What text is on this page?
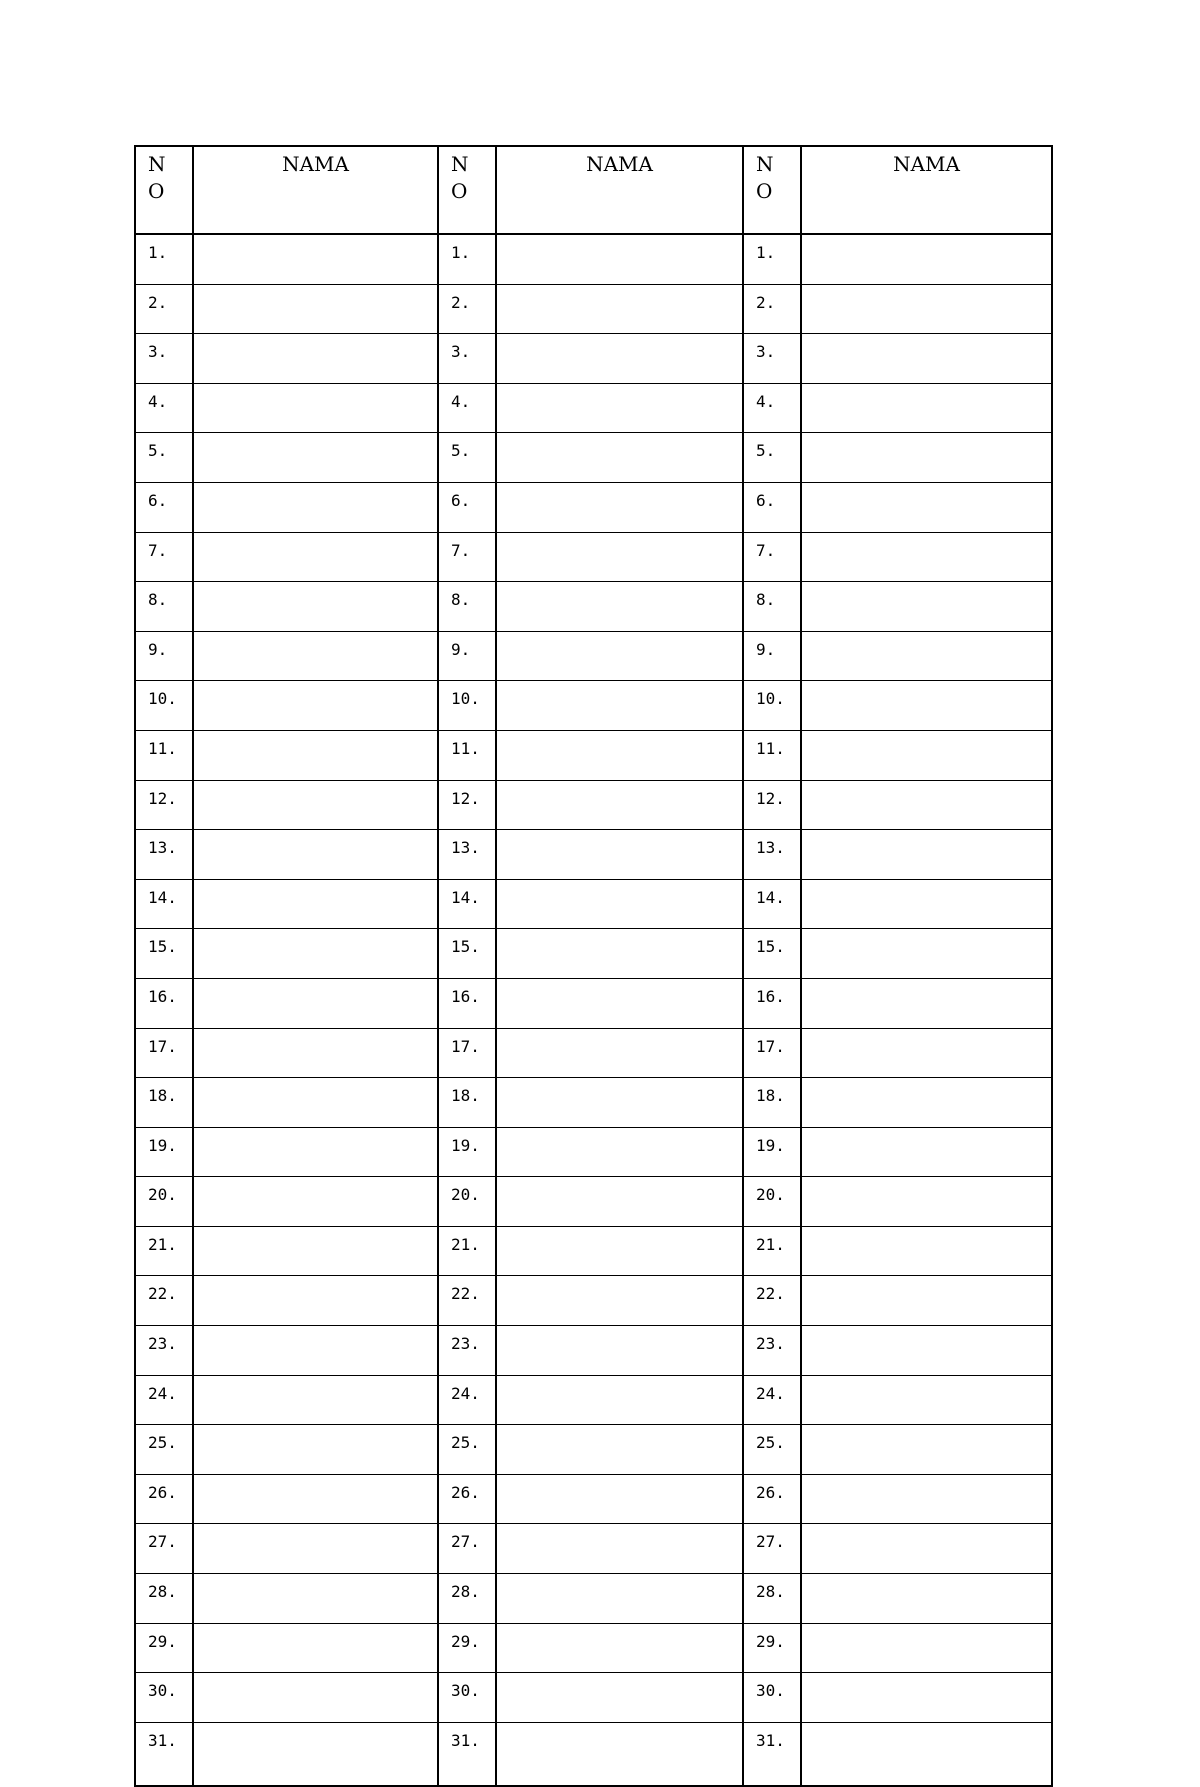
NO	NAMA	NO	NAMA	NO	NAMA
1.		1.		1.	
2.		2.		2.	
3.		3.		3.	
4.		4.		4.	
5.		5.		5.	
6.		6.		6.	
7.		7.		7.	
8.		8.		8.	
9.		9.		9.	
10.		10.		10.	
11.		11.		11.	
12.		12.		12.	
13.		13.		13.	
14.		14.		14.	
15.		15.		15.	
16.		16.		16.	
17.		17.		17.	
18.		18.		18.	
19.		19.		19.	
20.		20.		20.	
21.		21.		21.	
22.		22.		22.	
23.		23.		23.	
24.		24.		24.	
25.		25.		25.	
26.		26.		26.	
27.		27.		27.	
28.		28.		28.	
29.		29.		29.	
30.		30.		30.	
31.		31.		31.	
